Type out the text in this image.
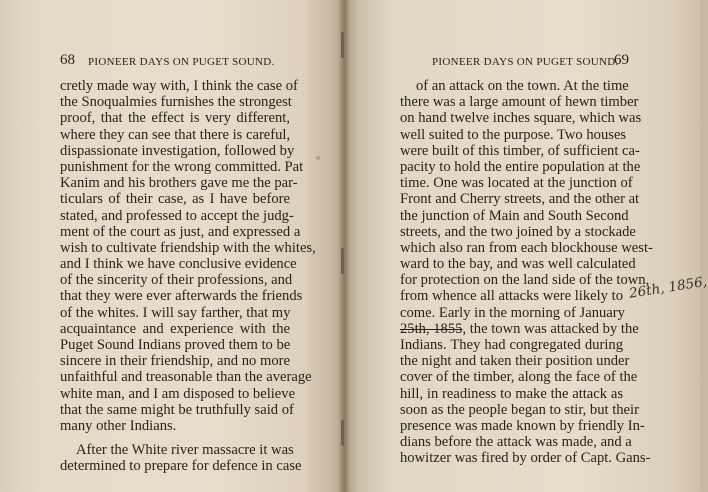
68 PIONEER DAYS ON PUGET SOUND.
cretly made way with, I think the case of
the Snoqualmies furnishes the strongest
proof, that the effect is very different,
where they can see that there is careful,
dispassionate investigation, followed by
punishment for the wrong committed. Pat
Kanim and his brothers gave me the par-
ticulars of their case, as I have before
stated, and professed to accept the judg-
ment of the court as just, and expressed a
wish to cultivate friendship with the whites,
and I think we have conclusive evidence
of the sincerity of their professions, and
that they were ever afterwards the friends
of the whites. I will say farther, that my
acquaintance and experience with the
Puget Sound Indians proved them to be
sincere in their friendship, and no more
unfaithful and treasonable than the average
white man, and I am disposed to believe
that the same might be truthfully said of
many other Indians.
After the White river massacre it was
determined to prepare for defence in case
PIONEER DAYS ON PUGET SOUND.
69
of an attack on the town. At the time
there was a large amount of hewn timber
on hand twelve inches square, which was
well suited to the purpose. Two houses
were built of this timber, of sufficient ca-
pacity to hold the entire population at the
time. One was located at the junction of
Front and Cherry streets, and the other at
the junction of Main and South Second
streets, and the two joined by a stockade
which also ran from each blockhouse west-
ward to the bay, and was well calculated
for protection on the land side of the town,
from whence all attacks were likely to
come. Early in the morning of January
25th, 1855, the town was attacked by the
Indians. They had congregated during
the night and taken their position under
cover of the timber, along the face of the
hill, in readiness to make the attack as
soon as the people began to stir, but their
presence was made known by friendly In-
dians before the attack was made, and a
howitzer was fired by order of Capt. Gans-
26th, 1856,
